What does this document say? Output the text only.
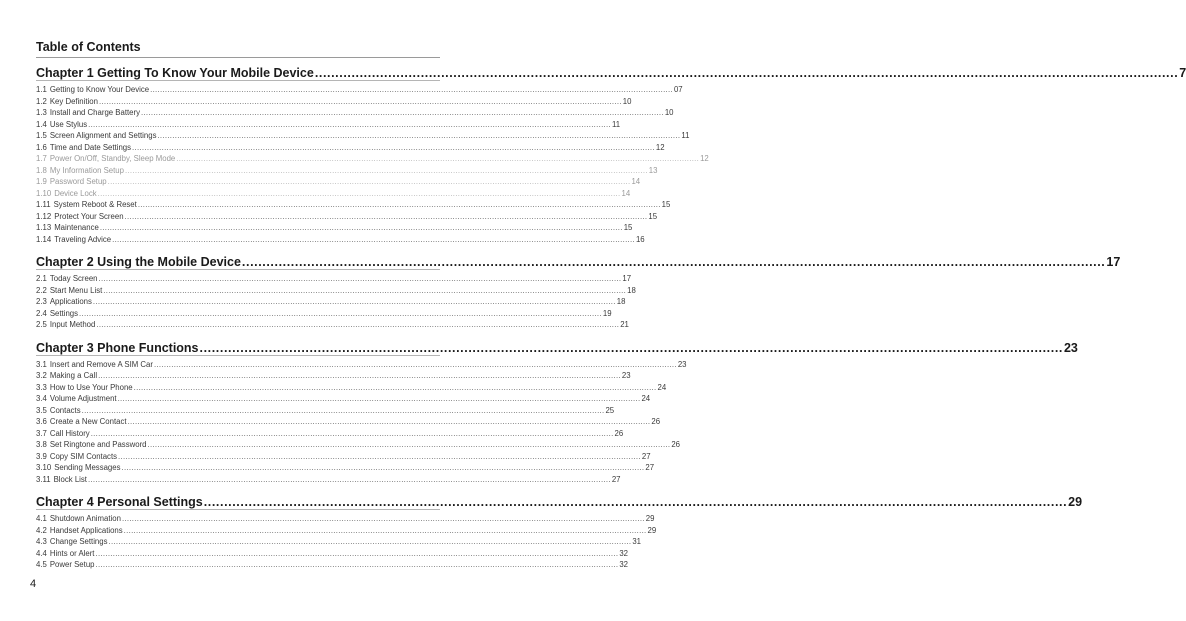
Table of Contents
Chapter 1 Getting To Know Your Mobile Device .................................................................................................................................................................................................................... 7
1.1 Getting to Know Your Device .................................................................................................................................................................................................................... 07
1.2 Key Definition .................................................................................................................................................................................................................... 10
1.3 Install and Charge Battery .................................................................................................................................................................................................................... 10
1.4 Use Stylus .................................................................................................................................................................................................................... 11
1.5 Screen Alignment and Settings .................................................................................................................................................................................................................... 11
1.6 Time and Date Settings .................................................................................................................................................................................................................... 12
1.7 Power On/Off, Standby, Sleep Mode .................................................................................................................................................................................................................... 12
1.8 My Information Setup .................................................................................................................................................................................................................... 13
1.9 Password Setup .................................................................................................................................................................................................................... 14
1.10 Device Lock .................................................................................................................................................................................................................... 14
1.11 System Reboot & Reset .................................................................................................................................................................................................................... 15
1.12 Protect Your Screen .................................................................................................................................................................................................................... 15
1.13 Maintenance .................................................................................................................................................................................................................... 15
1.14 Traveling Advice .................................................................................................................................................................................................................... 16
Chapter 2 Using the Mobile Device .................................................................................................................................................................................................................... 17
2.1 Today Screen .................................................................................................................................................................................................................... 17
2.2 Start Menu List .................................................................................................................................................................................................................... 18
2.3 Applications .................................................................................................................................................................................................................... 18
2.4 Settings .................................................................................................................................................................................................................... 19
2.5 Input Method .................................................................................................................................................................................................................... 21
Chapter 3 Phone Functions .................................................................................................................................................................................................................... 23
3.1 Insert and Remove A SIM Car .................................................................................................................................................................................................................... 23
3.2 Making a Call .................................................................................................................................................................................................................... 23
3.3 How to Use Your Phone .................................................................................................................................................................................................................... 24
3.4 Volume Adjustment .................................................................................................................................................................................................................... 24
3.5 Contacts .................................................................................................................................................................................................................... 25
3.6 Create a New Contact .................................................................................................................................................................................................................... 26
3.7 Call History .................................................................................................................................................................................................................... 26
3.8 Set Ringtone and Password .................................................................................................................................................................................................................... 26
3.9 Copy SIM Contacts .................................................................................................................................................................................................................... 27
3.10 Sending Messages .................................................................................................................................................................................................................... 27
3.11 Block List .................................................................................................................................................................................................................... 27
Chapter 4 Personal Settings .................................................................................................................................................................................................................... 29
4.1 Shutdown Animation .................................................................................................................................................................................................................... 29
4.2 Handset Applications .................................................................................................................................................................................................................... 29
4.3 Change Settings .................................................................................................................................................................................................................... 31
4.4 Hints or Alert .................................................................................................................................................................................................................... 32
4.5 Power Setup .................................................................................................................................................................................................................... 32
4
